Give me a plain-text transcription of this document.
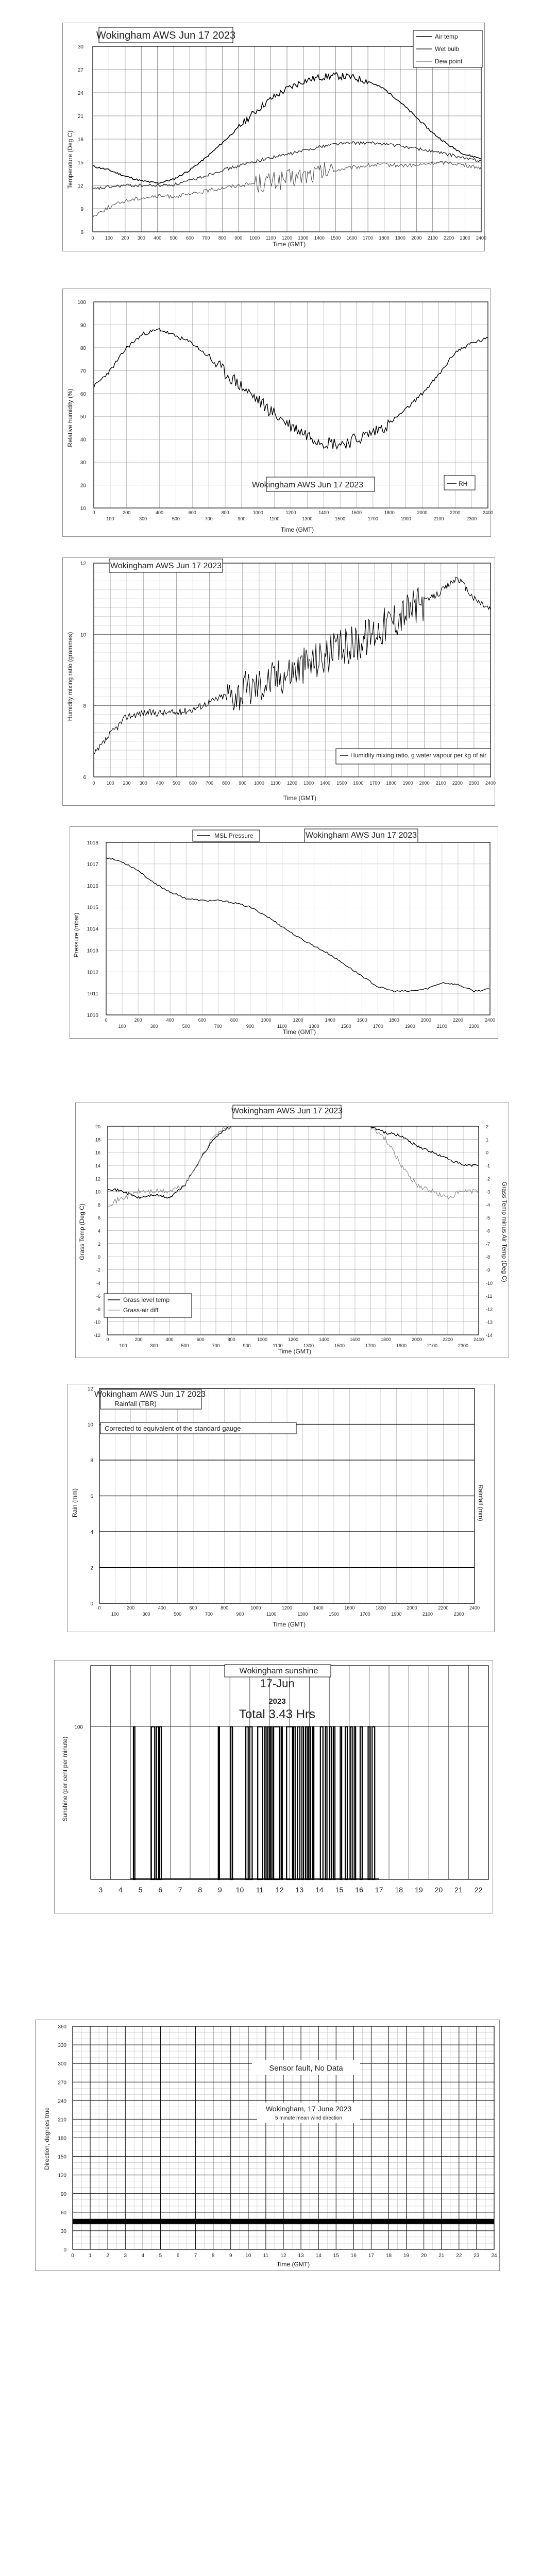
6
9
12
15
18
21
24
27
30
0 100 200 300 400 500 600 700 800 900 1000 1100 1200 1300 1400 1500 1600 1700 1800 1900 2000 2100 2200 2300 2400
Wokingham AWS Jun 17 2023
Temperature (Deg C)
Time (GMT)
Air temp
Wet bulb
Dew point
10
20
30
40
50
60
70
80
90
100
0	200	400	600	800	1000	1200	1400	1600	1800	2000	2200	2400
100	300	500	700	900	1100	1300	1500	1700	1900	2100	2300
Wokingham AWS Jun 17 2023
Relative humidity (%)
Time (GMT)
RH
6
8
10
12
0 100 200 300 400 500 600 700 800 900 1000 1100 1200 1300 1400 1500 1600 1700 1800 1900 2000 2100 2200 2300 2400
Wokingham AWS Jun 17 2023
Humidity mixing ratio (grammes)
Time (GMT)
Humidity mixing ratio, g water vapour per kg of air
1010
1011
1012
1013
1014
1015
1016
1017
1018
0	200	400	600	800	1000	1200	1400	1600	1800	2000	2200	2400
100	300	500	700	900	1100	1300	1500	1700	1900	2100	2300
Wokingham AWS Jun 17 2023
Pressure (mbar)
Time (GMT)
MSL Pressure
-12
-10
-8
-6
-4
-2
0
2
4
6
8
10
12
14
16
18
20
-14
-13
-12
-11
-10
-9
-8
-7
-6
-5
-4
-3
-2
-1
0
1
2
0	200	400	600	800	1000	1200	1400	1600	1800	2000	2200	2400
100	300	500	700	900	1100	1300	1500	1700	1900	2100	2300
Wokingham AWS Jun 17 2023
Grass Temp (Deg C)	Grass Temp minus Air Temp (Deg C)
Time (GMT)
Grass level temp
Grass-air diff
0
2
4
6
8
10
12
0	200	400	600	800	1000	1200	1400	1600	1800	2000	2200	2400
100	300	500	700	900	1100	1300	1500	1700	1900	2100	2300
Wokingham AWS Jun 17 2023
Rainfall (TBR)
Corrected to equivalent of the standard gauge
Rain (mm)	Rainfall (mm)
Time (GMT)
100
3 4 5 6 7 8 9 10 11 12 13 14 15 16 17 18 19 20 21 22
Wokingham sunshine
17-Jun
2023
Total 3.43 Hrs
Sunshine (per cent per minute)
0
30
60
90
120
150
180
210
240
270
300
330
360
0	1	2	3	4	5	6	7	8	9	10 11 12 13 14 15 16 17 18 19 20 21 22 23 24
Sensor fault, No Data
Wokingham, 17 June 2023
5 minute mean wind direction
Direction, degrees true
Time (GMT)
